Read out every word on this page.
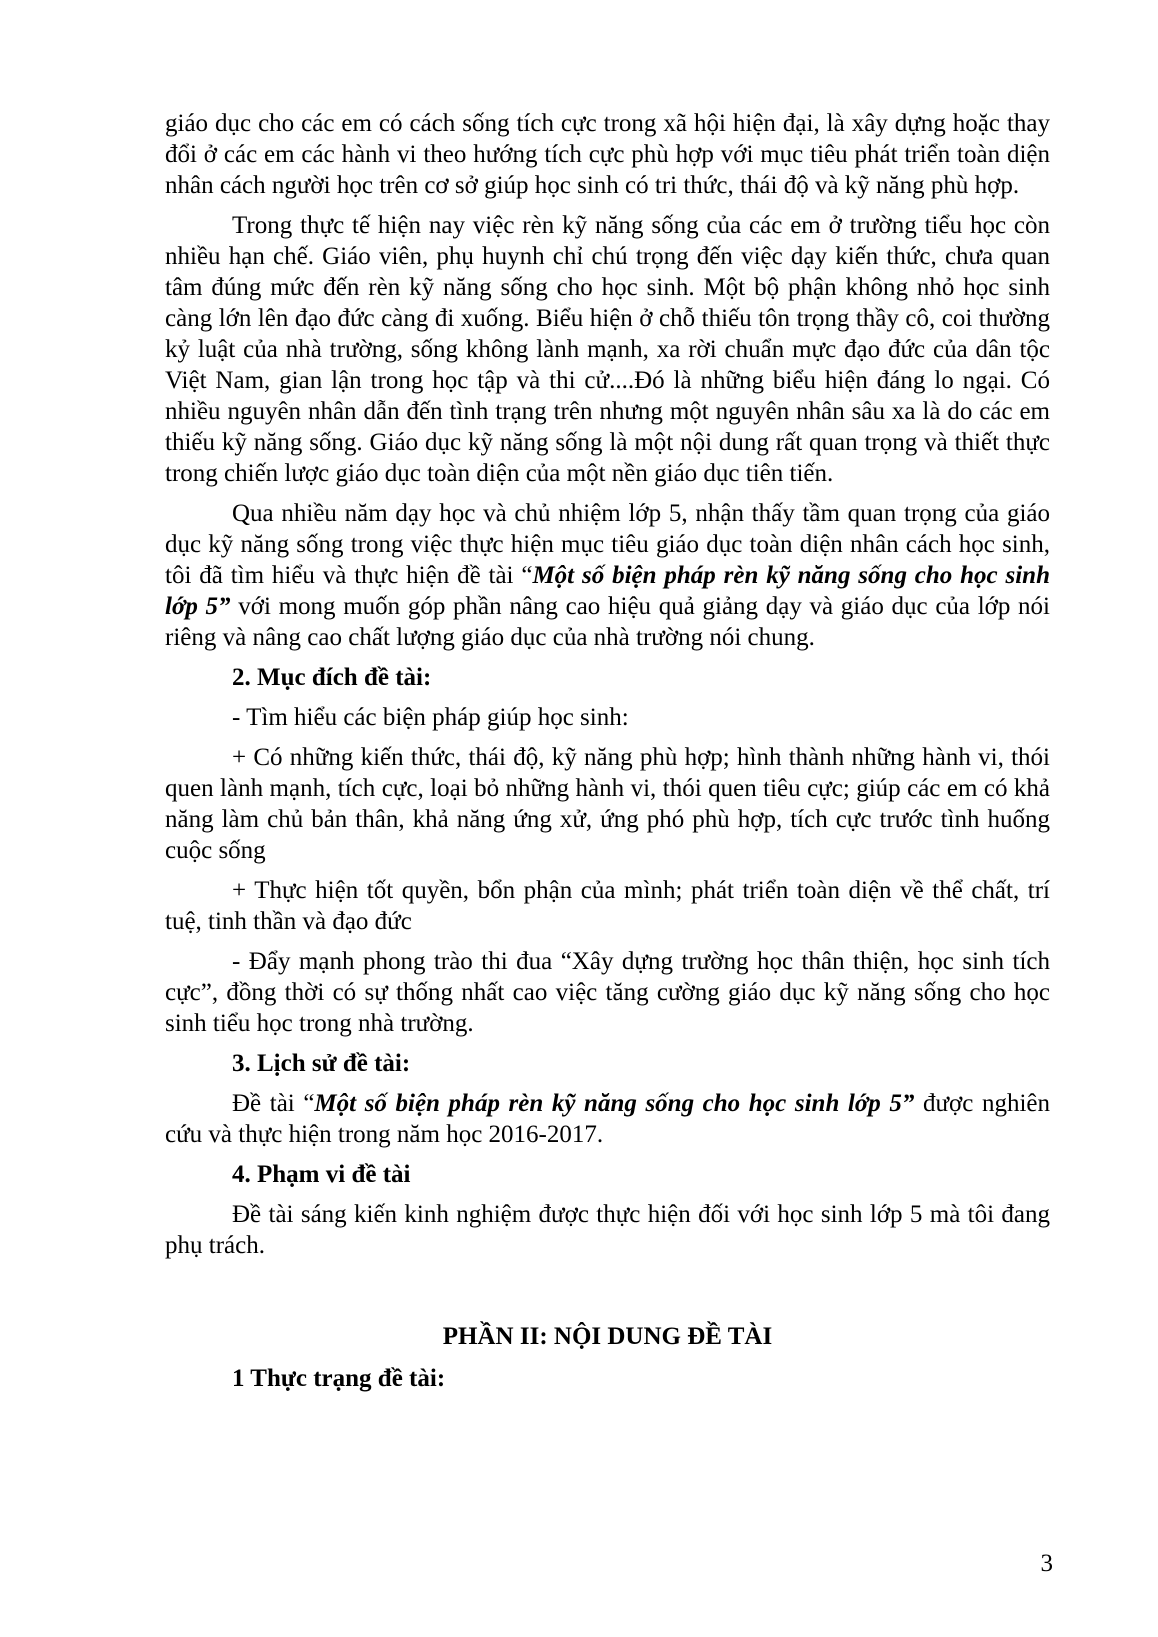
giáo dục cho các em có cách sống tích cực trong xã hội hiện đại, là xây dựng hoặc thay đổi ở các em các hành vi theo hướng tích cực phù hợp với mục tiêu phát triển toàn diện nhân cách người học trên cơ sở giúp học sinh có tri thức, thái độ và kỹ năng phù hợp.

Trong thực tế hiện nay việc rèn kỹ năng sống của các em ở trường tiểu học còn nhiều hạn chế. Giáo viên, phụ huynh chỉ chú trọng đến việc dạy kiến thức, chưa quan tâm đúng mức đến rèn kỹ năng sống cho học sinh. Một bộ phận không nhỏ học sinh càng lớn lên đạo đức càng đi xuống. Biểu hiện ở chỗ thiếu tôn trọng thầy cô, coi thường kỷ luật của nhà trường, sống không lành mạnh, xa rời chuẩn mực đạo đức của dân tộc Việt Nam, gian lận trong học tập và thi cử....Đó là những biểu hiện đáng lo ngại. Có nhiều nguyên nhân dẫn đến tình trạng trên nhưng một nguyên nhân sâu xa là do các em thiếu kỹ năng sống. Giáo dục kỹ năng sống là một nội dung rất quan trọng và thiết thực trong chiến lược giáo dục toàn diện của một nền giáo dục tiên tiến.

Qua nhiều năm dạy học và chủ nhiệm lớp 5, nhận thấy tầm quan trọng của giáo dục kỹ năng sống trong việc thực hiện mục tiêu giáo dục toàn diện nhân cách học sinh, tôi đã tìm hiểu và thực hiện đề tài “Một số biện pháp rèn kỹ năng sống cho học sinh lớp 5” với mong muốn góp phần nâng cao hiệu quả giảng dạy và giáo dục của lớp nói riêng và nâng cao chất lượng giáo dục của nhà trường nói chung.

2. Mục đích đề tài:

- Tìm hiểu các biện pháp giúp học sinh:

+ Có những kiến thức, thái độ, kỹ năng phù hợp; hình thành những hành vi, thói quen lành mạnh, tích cực, loại bỏ những hành vi, thói quen tiêu cực; giúp các em có khả năng làm chủ bản thân, khả năng ứng xử, ứng phó phù hợp, tích cực trước tình huống cuộc sống

+ Thực hiện tốt quyền, bổn phận của mình; phát triển toàn diện về thể chất, trí tuệ, tinh thần và đạo đức

- Đẩy mạnh phong trào thi đua “Xây dựng trường học thân thiện, học sinh tích cực”, đồng thời có sự thống nhất cao việc tăng cường giáo dục kỹ năng sống cho học sinh tiểu học trong nhà trường.

3. Lịch sử đề tài:

Đề tài “Một số biện pháp rèn kỹ năng sống cho học sinh lớp 5” được nghiên cứu và thực hiện trong năm học 2016-2017.

4. Phạm vi đề tài

Đề tài sáng kiến kinh nghiệm được thực hiện đối với học sinh lớp 5 mà tôi đang phụ trách.

PHẦN II: NỘI DUNG ĐỀ TÀI

1 Thực trạng đề tài:

3
